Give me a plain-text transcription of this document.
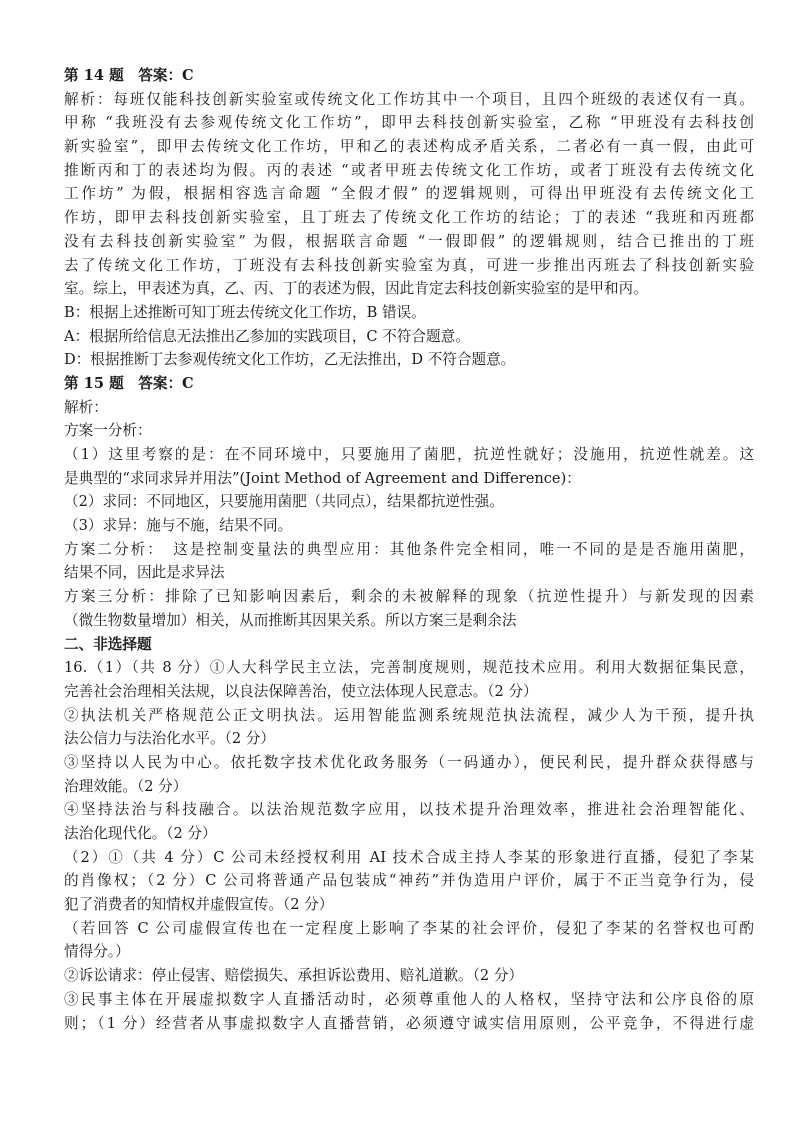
第 14 题　答案：C
解析：每班仅能科技创新实验室或传统文化工作坊其中一个项目，且四个班级的表述仅有一真。
甲称 “我班没有去参观传统文化工作坊”，即甲去科技创新实验室，乙称 “甲班没有去科技创
新实验室”，即甲去传统文化工作坊，甲和乙的表述构成矛盾关系，二者必有一真一假，由此可
推断丙和丁的表述均为假。丙的表述 “或者甲班去传统文化工作坊，或者丁班没有去传统文化
工作坊” 为假，根据相容选言命题 “全假才假” 的逻辑规则，可得出甲班没有去传统文化工
作坊，即甲去科技创新实验室，且丁班去了传统文化工作坊的结论；丁的表述 “我班和丙班都
没有去科技创新实验室” 为假，根据联言命题 “一假即假” 的逻辑规则，结合已推出的丁班
去了传统文化工作坊，丁班没有去科技创新实验室为真，可进一步推出丙班去了科技创新实验
室。综上，甲表述为真，乙、丙、丁的表述为假，因此肯定去科技创新实验室的是甲和丙。
B：根据上述推断可知丁班去传统文化工作坊，B 错误。
A：根据所给信息无法推出乙参加的实践项目，C 不符合题意。
D：根据推断丁去参观传统文化工作坊，乙无法推出，D 不符合题意。
第 15 题　答案：C
解析：
方案一分析：
（1）这里考察的是：在不同环境中，只要施用了菌肥，抗逆性就好；没施用，抗逆性就差。这
是典型的“求同求异并用法”(Joint Method of Agreement and Difference)：
（2）求同：不同地区，只要施用菌肥（共同点），结果都抗逆性强。
（3）求异：施与不施，结果不同。
方案二分析：　这是控制变量法的典型应用：其他条件完全相同，唯一不同的是是否施用菌肥，
结果不同，因此是求异法
方案三分析：排除了已知影响因素后，剩余的未被解释的现象（抗逆性提升）与新发现的因素
（微生物数量增加）相关，从而推断其因果关系。所以方案三是剩余法
二、非选择题
16.（1）（共 8 分）①人大科学民主立法，完善制度规则，规范技术应用。利用大数据征集民意，
完善社会治理相关法规，以良法保障善治，使立法体现人民意志。（2 分）
②执法机关严格规范公正文明执法。运用智能监测系统规范执法流程，减少人为干预，提升执
法公信力与法治化水平。（2 分）
③坚持以人民为中心。依托数字技术优化政务服务（一码通办），便民利民，提升群众获得感与
治理效能。（2 分）
④坚持法治与科技融合。以法治规范数字应用，以技术提升治理效率，推进社会治理智能化、
法治化现代化。（2 分）
（2）①（共 4 分）C 公司未经授权利用 AI 技术合成主持人李某的形象进行直播，侵犯了李某
的肖像权；（2 分）C 公司将普通产品包装成“神药”并伪造用户评价，属于不正当竞争行为，侵
犯了消费者的知情权并虚假宣传。（2 分）
（若回答 C 公司虚假宣传也在一定程度上影响了李某的社会评价，侵犯了李某的名誉权也可酌
情得分。）
②诉讼请求：停止侵害、赔偿损失、承担诉讼费用、赔礼道歉。（2 分）
③民事主体在开展虚拟数字人直播活动时，必须尊重他人的人格权，坚持守法和公序良俗的原
则；（1 分）经营者从事虚拟数字人直播营销，必须遵守诚实信用原则，公平竞争，不得进行虚
